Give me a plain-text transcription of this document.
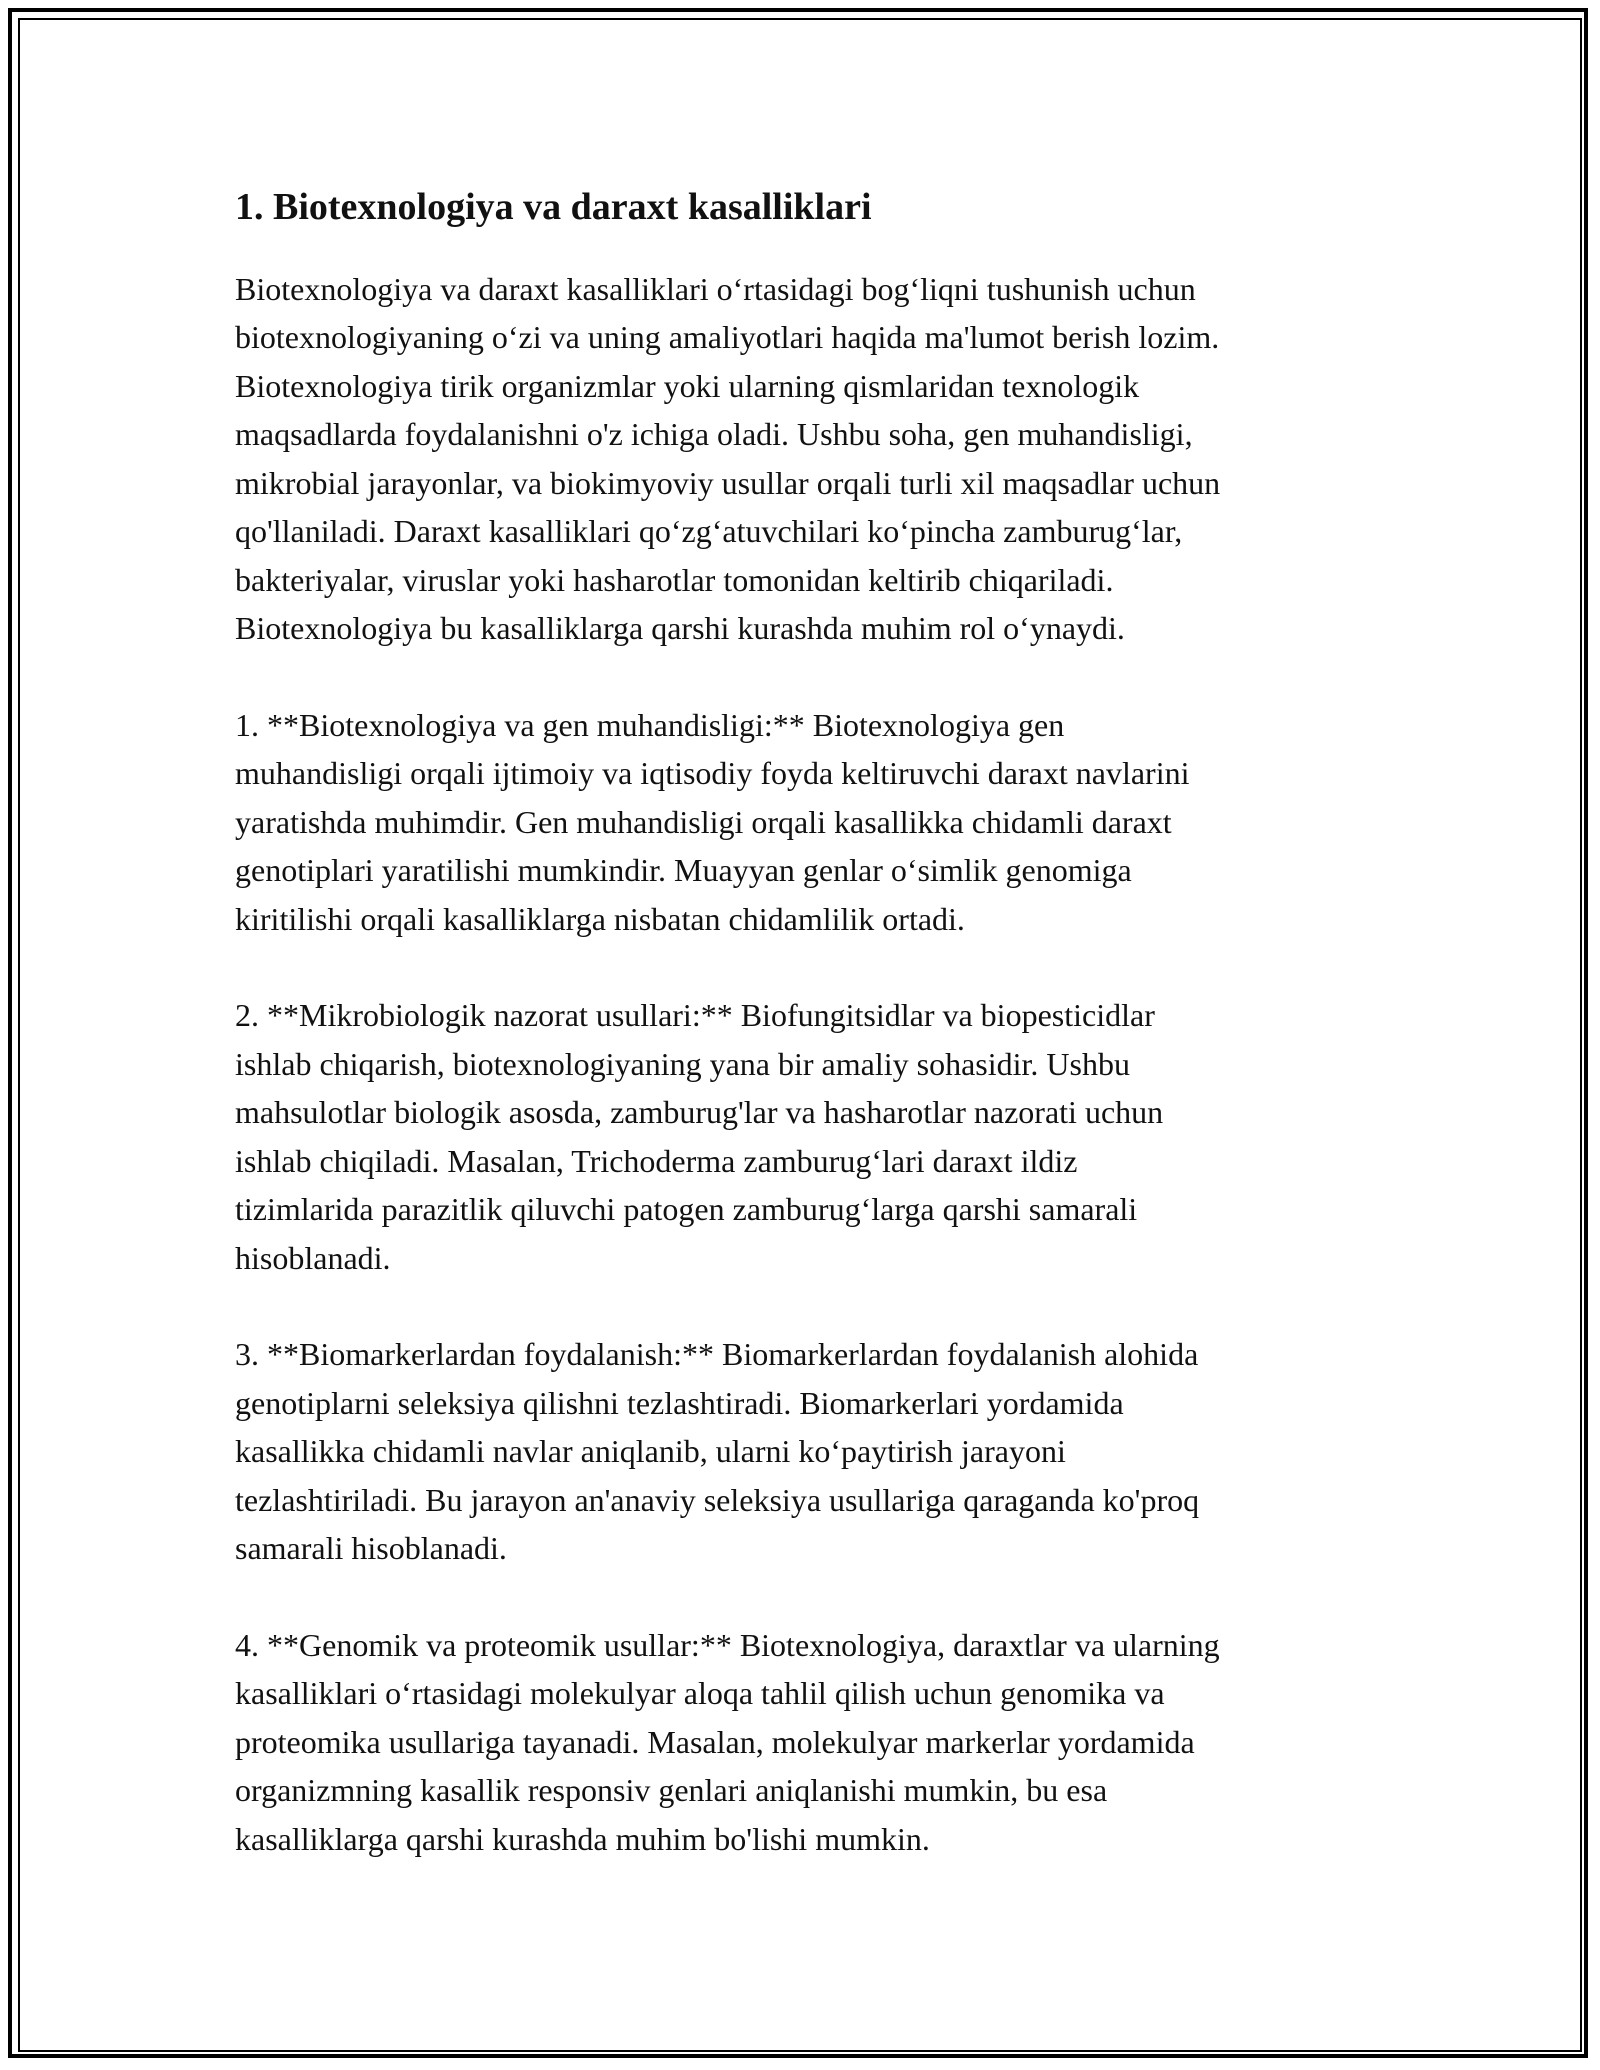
1. Biotexnologiya va daraxt kasalliklari

Biotexnologiya va daraxt kasalliklari o‘rtasidagi bog‘liqni tushunish uchun
biotexnologiyaning o‘zi va uning amaliyotlari haqida ma'lumot berish lozim.
Biotexnologiya tirik organizmlar yoki ularning qismlaridan texnologik
maqsadlarda foydalanishni o'z ichiga oladi. Ushbu soha, gen muhandisligi,
mikrobial jarayonlar, va biokimyoviy usullar orqali turli xil maqsadlar uchun
qo'llaniladi. Daraxt kasalliklari qo‘zg‘atuvchilari ko‘pincha zamburug‘lar,
bakteriyalar, viruslar yoki hasharotlar tomonidan keltirib chiqariladi.
Biotexnologiya bu kasalliklarga qarshi kurashda muhim rol o‘ynaydi.

1. **Biotexnologiya va gen muhandisligi:** Biotexnologiya gen
muhandisligi orqali ijtimoiy va iqtisodiy foyda keltiruvchi daraxt navlarini
yaratishda muhimdir. Gen muhandisligi orqali kasallikka chidamli daraxt
genotiplari yaratilishi mumkindir. Muayyan genlar o‘simlik genomiga
kiritilishi orqali kasalliklarga nisbatan chidamlilik ortadi.

2. **Mikrobiologik nazorat usullari:** Biofungitsidlar va biopesticidlar
ishlab chiqarish, biotexnologiyaning yana bir amaliy sohasidir. Ushbu
mahsulotlar biologik asosda, zamburug'lar va hasharotlar nazorati uchun
ishlab chiqiladi. Masalan, Trichoderma zamburug‘lari daraxt ildiz
tizimlarida parazitlik qiluvchi patogen zamburug‘larga qarshi samarali
hisoblanadi.

3. **Biomarkerlardan foydalanish:** Biomarkerlardan foydalanish alohida
genotiplarni seleksiya qilishni tezlashtiradi. Biomarkerlari yordamida
kasallikka chidamli navlar aniqlanib, ularni ko‘paytirish jarayoni
tezlashtiriladi. Bu jarayon an'anaviy seleksiya usullariga qaraganda ko'proq
samarali hisoblanadi.

4. **Genomik va proteomik usullar:** Biotexnologiya, daraxtlar va ularning
kasalliklari o‘rtasidagi molekulyar aloqa tahlil qilish uchun genomika va
proteomika usullariga tayanadi. Masalan, molekulyar markerlar yordamida
organizmning kasallik responsiv genlari aniqlanishi mumkin, bu esa
kasalliklarga qarshi kurashda muhim bo'lishi mumkin.
